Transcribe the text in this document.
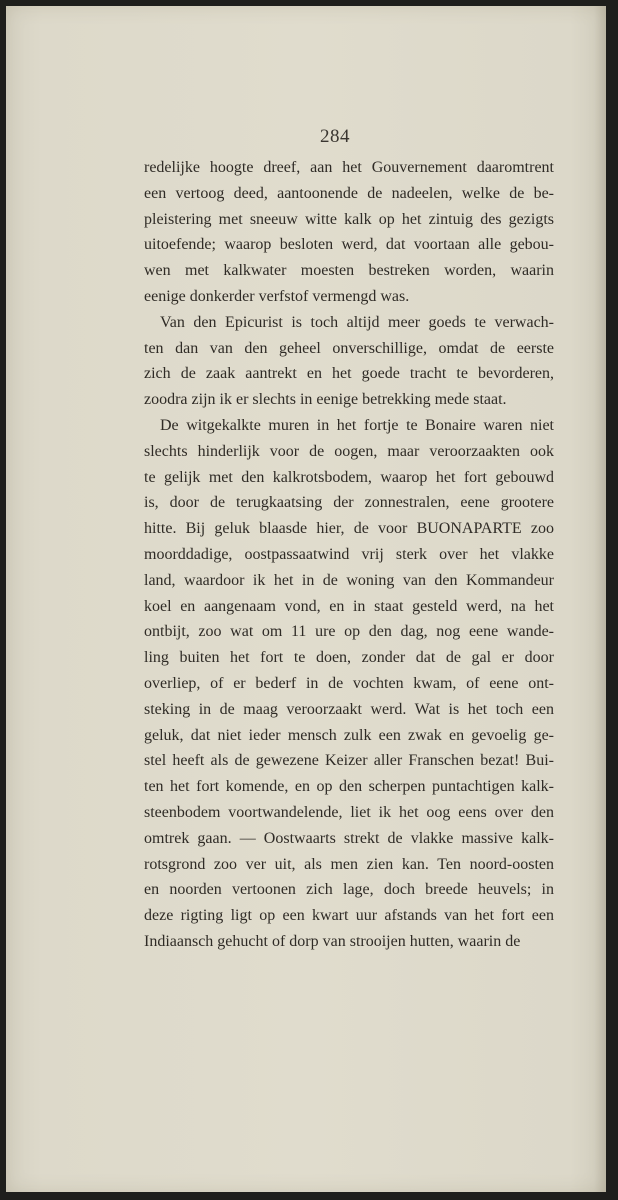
284
redelijke hoogte dreef, aan het Gouvernement daaromtrent
een vertoog deed, aantoonende de nadeelen, welke de be-
pleistering met sneeuw witte kalk op het zintuig des gezigts
uitoefende; waarop besloten werd, dat voortaan alle gebou-
wen met kalkwater moesten bestreken worden, waarin
eenige donkerder verfstof vermengd was.
Van den Epicurist is toch altijd meer goeds te verwach-
ten dan van den geheel onverschillige, omdat de eerste
zich de zaak aantrekt en het goede tracht te bevorderen,
zoodra zijn ik er slechts in eenige betrekking mede staat.
De witgekalkte muren in het fortje te Bonaire waren niet
slechts hinderlijk voor de oogen, maar veroorzaakten ook
te gelijk met den kalkrotsbodem, waarop het fort gebouwd
is, door de terugkaatsing der zonnestralen, eene grootere
hitte. Bij geluk blaasde hier, de voor BUONAPARTE zoo
moorddadige, oostpassaatwind vrij sterk over het vlakke
land, waardoor ik het in de woning van den Kommandeur
koel en aangenaam vond, en in staat gesteld werd, na het
ontbijt, zoo wat om 11 ure op den dag, nog eene wande-
ling buiten het fort te doen, zonder dat de gal er door
overliep, of er bederf in de vochten kwam, of eene ont-
steking in de maag veroorzaakt werd. Wat is het toch een
geluk, dat niet ieder mensch zulk een zwak en gevoelig ge-
stel heeft als de gewezene Keizer aller Franschen bezat! Bui-
ten het fort komende, en op den scherpen puntachtigen kalk-
steenbodem voortwandelende, liet ik het oog eens over den
omtrek gaan. — Oostwaarts strekt de vlakke massive kalk-
rotsgrond zoo ver uit, als men zien kan. Ten noord-oosten
en noorden vertoonen zich lage, doch breede heuvels; in
deze rigting ligt op een kwart uur afstands van het fort een
Indiaansch gehucht of dorp van strooijen hutten, waarin de
